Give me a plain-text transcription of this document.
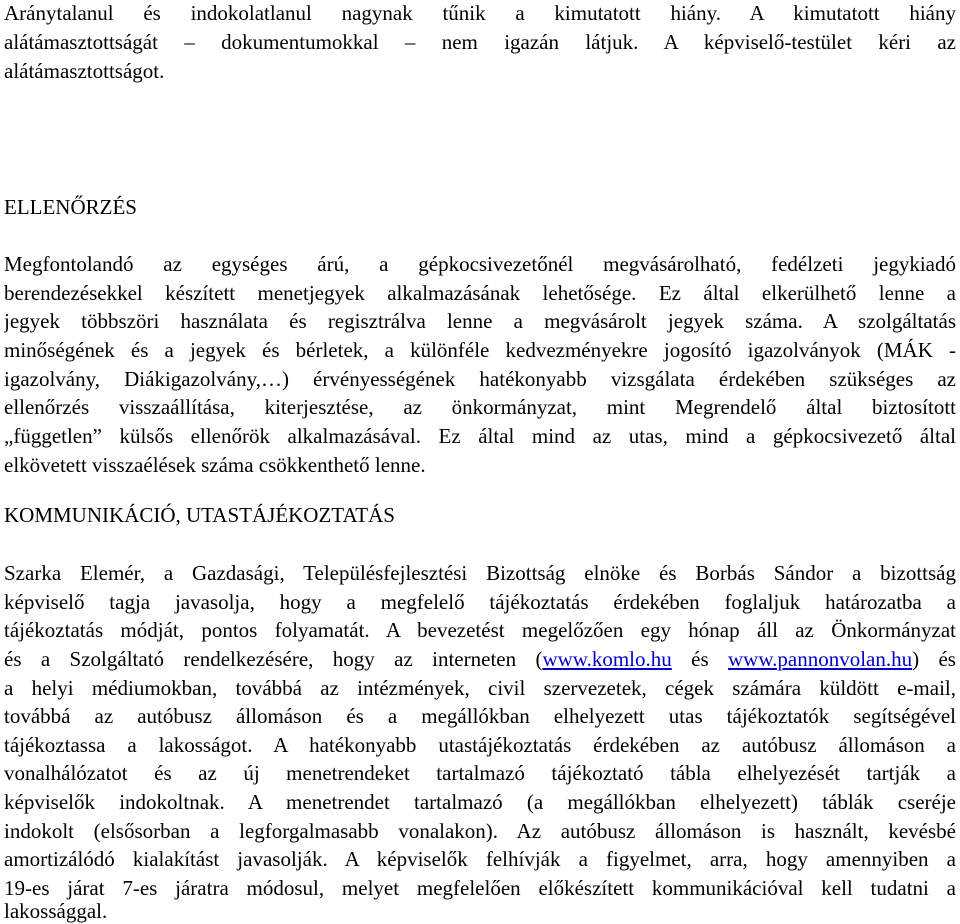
Aránytalanul és indokolatlanul nagynak tűnik a kimutatott hiány. A kimutatott hiány
alátámasztottságát – dokumentumokkal – nem igazán látjuk. A képviselő-testület kéri az
alátámasztottságot.
ELLENŐRZÉS
Megfontolandó az egységes árú, a gépkocsivezetőnél megvásárolható, fedélzeti jegykiadó
berendezésekkel készített menetjegyek alkalmazásának lehetősége. Ez által elkerülhető lenne a
jegyek többszöri használata és regisztrálva lenne a megvásárolt jegyek száma. A szolgáltatás
minőségének és a jegyek és bérletek, a különféle kedvezményekre jogosító igazolványok (MÁK -
igazolvány, Diákigazolvány,…) érvényességének hatékonyabb vizsgálata érdekében szükséges az
ellenőrzés visszaállítása, kiterjesztése, az önkormányzat, mint Megrendelő által biztosított
„független” külsős ellenőrök alkalmazásával. Ez által mind az utas, mind a gépkocsivezető által
elkövetett visszaélések száma csökkenthető lenne.
KOMMUNIKÁCIÓ, UTASTÁJÉKOZTATÁS
Szarka Elemér, a Gazdasági, Településfejlesztési Bizottság elnöke és Borbás Sándor a bizottság
képviselő tagja javasolja, hogy a megfelelő tájékoztatás érdekében foglaljuk határozatba a
tájékoztatás módját, pontos folyamatát. A bevezetést megelőzően egy hónap áll az Önkormányzat
és a Szolgáltató rendelkezésére, hogy az interneten (www.komlo.hu és www.pannonvolan.hu) és
a helyi médiumokban, továbbá az intézmények, civil szervezetek, cégek számára küldött e-mail,
továbbá az autóbusz állomáson és a megállókban elhelyezett utas tájékoztatók segítségével
tájékoztassa a lakosságot. A hatékonyabb utastájékoztatás érdekében az autóbusz állomáson a
vonalhálózatot és az új menetrendeket tartalmazó tájékoztató tábla elhelyezését tartják a
képviselők indokoltnak. A menetrendet tartalmazó (a megállókban elhelyezett) táblák cseréje
indokolt (elsősorban a legforgalmasabb vonalakon). Az autóbusz állomáson is használt, kevésbé
amortizálódó kialakítást javasolják. A képviselők felhívják a figyelmet, arra, hogy amennyiben a
19-es járat 7-es járatra módosul, melyet megfelelően előkészített kommunikációval kell tudatni a
lakossággal.
